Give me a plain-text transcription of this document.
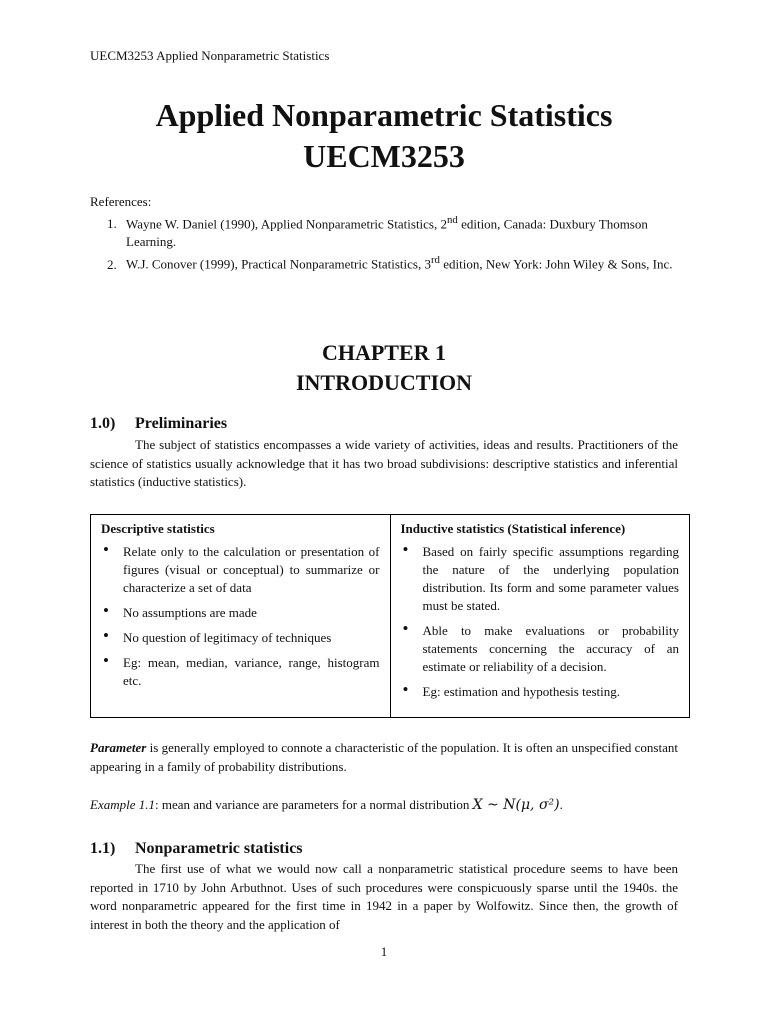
UECM3253 Applied Nonparametric Statistics
Applied Nonparametric Statistics
UECM3253
References:
1. Wayne W. Daniel (1990), Applied Nonparametric Statistics, 2nd edition, Canada: Duxbury Thomson Learning.
2. W.J. Conover (1999), Practical Nonparametric Statistics, 3rd edition, New York: John Wiley & Sons, Inc.
CHAPTER 1
INTRODUCTION
1.0) Preliminaries
The subject of statistics encompasses a wide variety of activities, ideas and results. Practitioners of the science of statistics usually acknowledge that it has two broad subdivisions: descriptive statistics and inferential statistics (inductive statistics).
Descriptive statistics
• Relate only to the calculation or presentation of figures (visual or conceptual) to summarize or characterize a set of data
• No assumptions are made
• No question of legitimacy of techniques
• Eg: mean, median, variance, range, histogram etc.

Inductive statistics (Statistical inference)
• Based on fairly specific assumptions regarding the nature of the underlying population distribution. Its form and some parameter values must be stated.
• Able to make evaluations or probability statements concerning the accuracy of an estimate or reliability of a decision.
• Eg: estimation and hypothesis testing.
Parameter is generally employed to connote a characteristic of the population. It is often an unspecified constant appearing in a family of probability distributions.
Example 1.1: mean and variance are parameters for a normal distribution X ~ N(μ, σ²).
1.1) Nonparametric statistics
The first use of what we would now call a nonparametric statistical procedure seems to have been reported in 1710 by John Arbuthnot. Uses of such procedures were conspicuously sparse until the 1940s. the word nonparametric appeared for the first time in 1942 in a paper by Wolfowitz. Since then, the growth of interest in both the theory and the application of
1
